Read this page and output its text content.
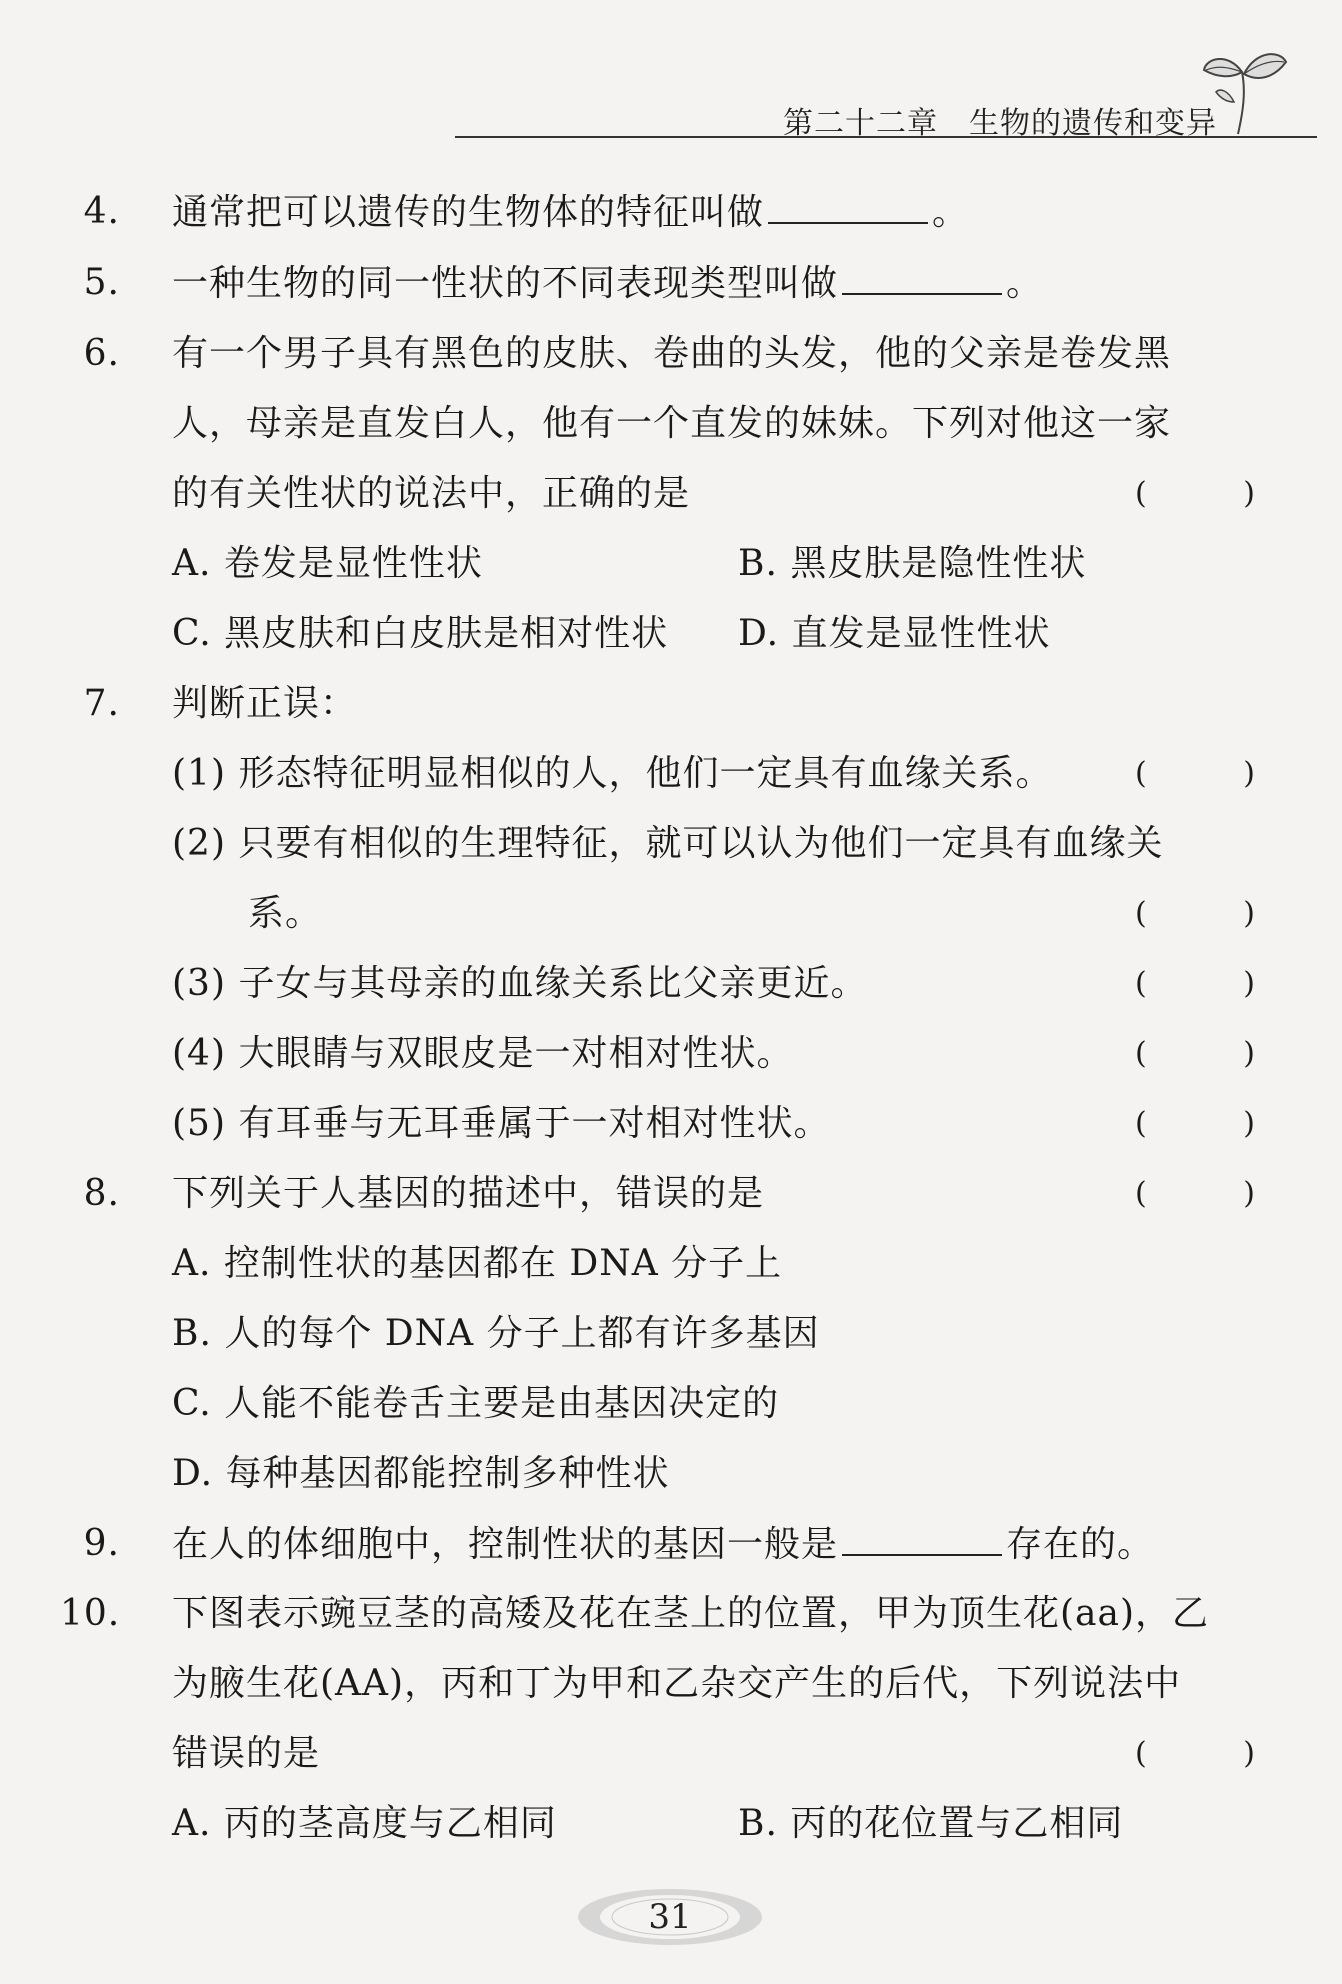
第二十二章　生物的遗传和变异
4. 通常把可以遗传的生物体的特征叫做	。
5. 一种生物的同一性状的不同表现类型叫做	。
6. 有一个男子具有黑色的皮肤、卷曲的头发，他的父亲是卷发黑
人，母亲是直发白人，他有一个直发的妹妹。下列对他这一家
的有关性状的说法中，正确的是	(	)
A. 卷发是显性性状	B. 黑皮肤是隐性性状
C. 黑皮肤和白皮肤是相对性状 D. 直发是显性性状
7. 判断正误：
(1) 形态特征明显相似的人，他们一定具有血缘关系。	(	)
(2) 只要有相似的生理特征，就可以认为他们一定具有血缘关
系。	(	)
(3) 子女与其母亲的血缘关系比父亲更近。	(	)
(4) 大眼睛与双眼皮是一对相对性状。	(	)
(5) 有耳垂与无耳垂属于一对相对性状。	(	)
8. 下列关于人基因的描述中，错误的是	(	)
A. 控制性状的基因都在 DNA 分子上
B. 人的每个 DNA 分子上都有许多基因
C. 人能不能卷舌主要是由基因决定的
D. 每种基因都能控制多种性状
9. 在人的体细胞中，控制性状的基因一般是	存在的。
10. 下图表示豌豆茎的高矮及花在茎上的位置，甲为顶生花(aa)，乙
为腋生花(AA)，丙和丁为甲和乙杂交产生的后代，下列说法中
错误的是	(	)
A. 丙的茎高度与乙相同	B. 丙的花位置与乙相同
31
